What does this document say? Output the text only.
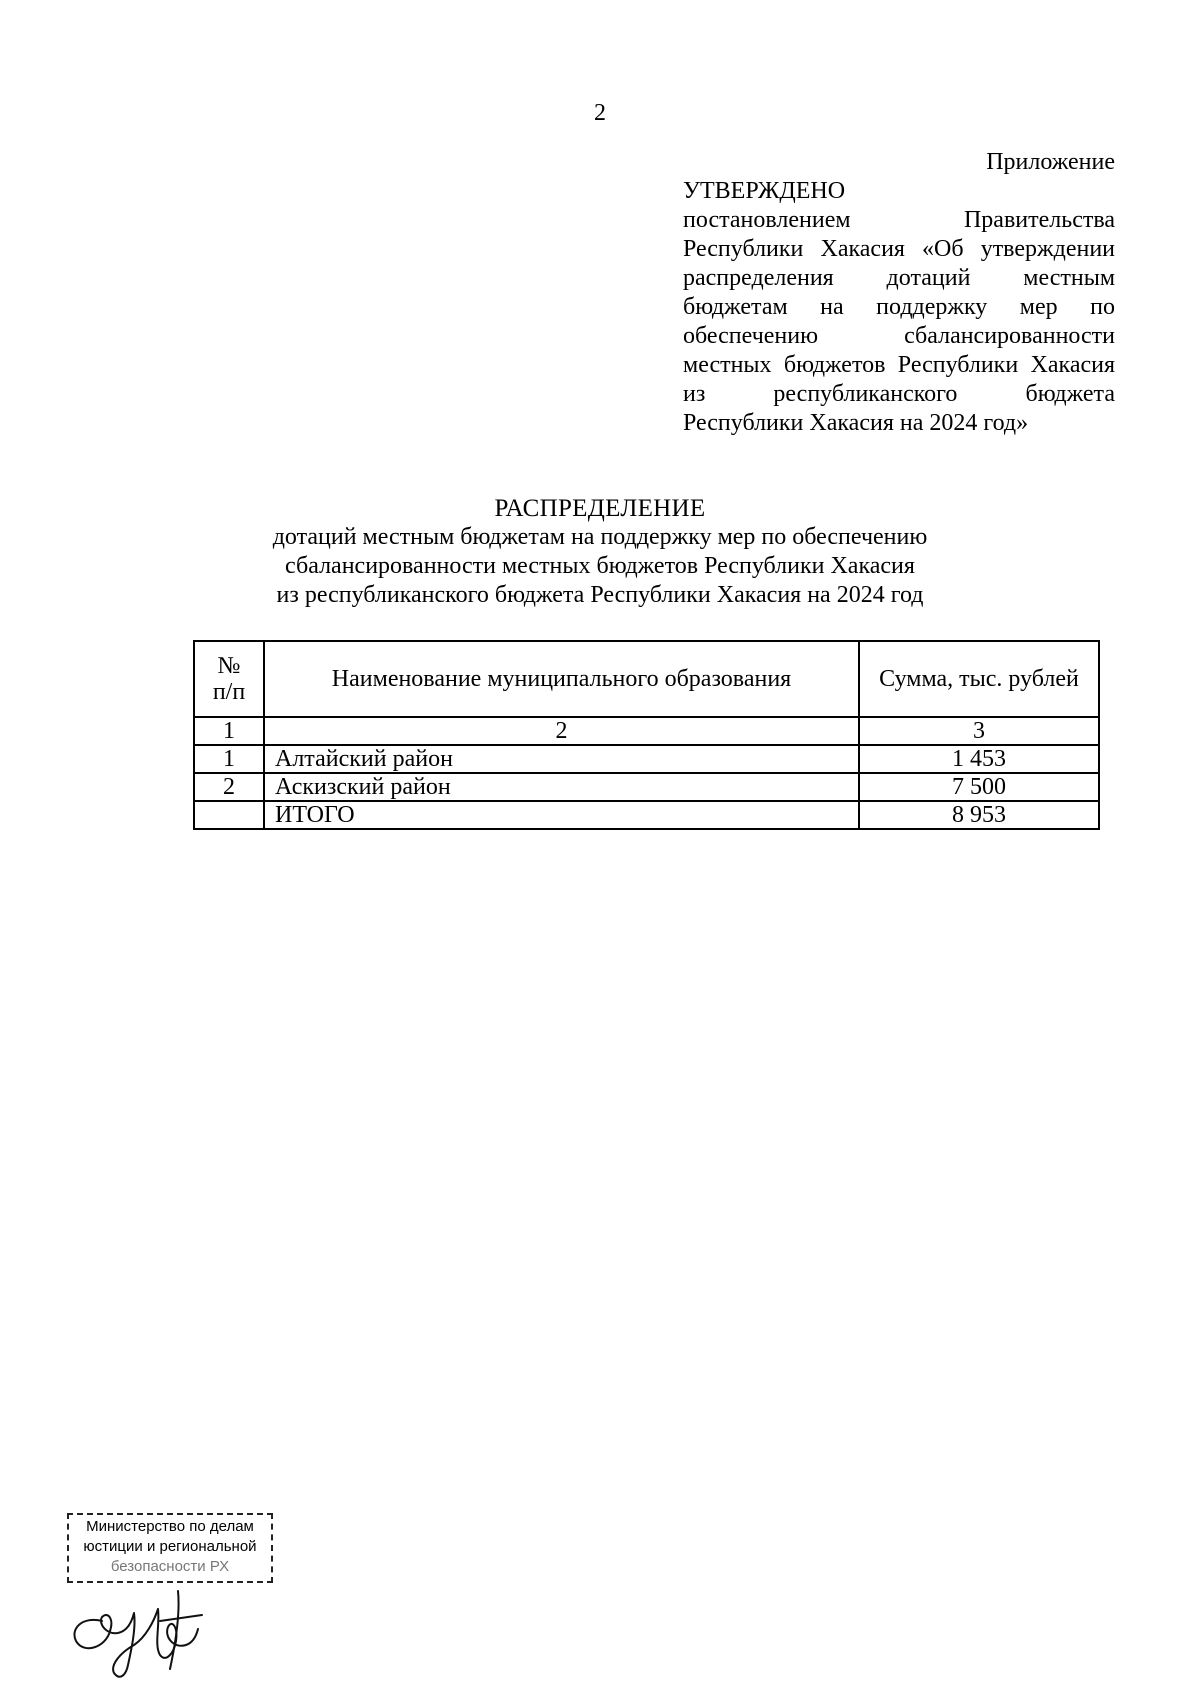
2
Приложение
УТВЕРЖДЕНО
постановлением Правительства Республики Хакасия «Об утверждении распределения дотаций местным бюджетам на поддержку мер по обеспечению сбалансированности местных бюджетов Республики Хакасия из республиканского бюджета Республики Хакасия на 2024 год»
РАСПРЕДЕЛЕНИЕ
дотаций местным бюджетам на поддержку мер по обеспечению
сбалансированности местных бюджетов Республики Хакасия
из республиканского бюджета Республики Хакасия на 2024 год
№ п/п	Наименование муниципального образования	Сумма, тыс. рублей
1	2	3
1	Алтайский район	1 453
2	Аскизский район	7 500
	ИТОГО	8 953
Министерство по делам
юстиции и региональной
безопасности РХ
